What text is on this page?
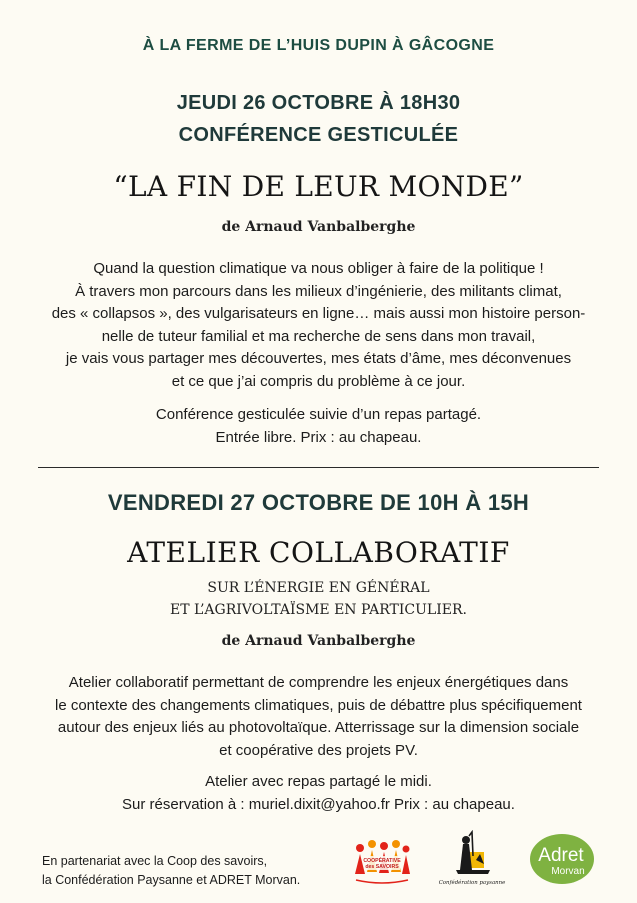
À LA FERME DE L’HUIS DUPIN À GÂCOGNE
JEUDI 26 OCTOBRE À 18H30
CONFÉRENCE GESTICULÉE
“LA FIN DE LEUR MONDE”
de Arnaud Vanbalberghe
Quand la question climatique va nous obliger à faire de la politique !
À travers mon parcours dans les milieux d’ingénierie, des militants climat,
des « collapsos », des vulgarisateurs en ligne… mais aussi mon histoire person-
nelle de tuteur familial et ma recherche de sens dans mon travail,
je vais vous partager mes découvertes, mes états d’âme, mes déconvenues
et ce que j’ai compris du problème à ce jour.
Conférence gesticulée suivie d’un repas partagé.
Entrée libre. Prix : au chapeau.
VENDREDI 27 OCTOBRE DE 10H À 15H
ATELIER COLLABORATIF
SUR L’ÉNERGIE EN GÉNÉRAL
ET L’AGRIVOLTAÏSME EN PARTICULIER.
de Arnaud Vanbalberghe
Atelier collaboratif permettant de comprendre les enjeux énergétiques dans
le contexte des changements climatiques, puis de débattre plus spécifiquement
autour des enjeux liés au photovoltaïque. Atterrissage sur la dimension sociale
et coopérative des projets PV.
Atelier avec repas partagé le midi.
Sur réservation à : muriel.dixit@yahoo.fr Prix : au chapeau.
En partenariat avec la Coop des savoirs,
la Confédération Paysanne et ADRET Morvan.
COOPÉRATIVE
des SAVOIRS
Confédération paysanne
Adret
Morvan
